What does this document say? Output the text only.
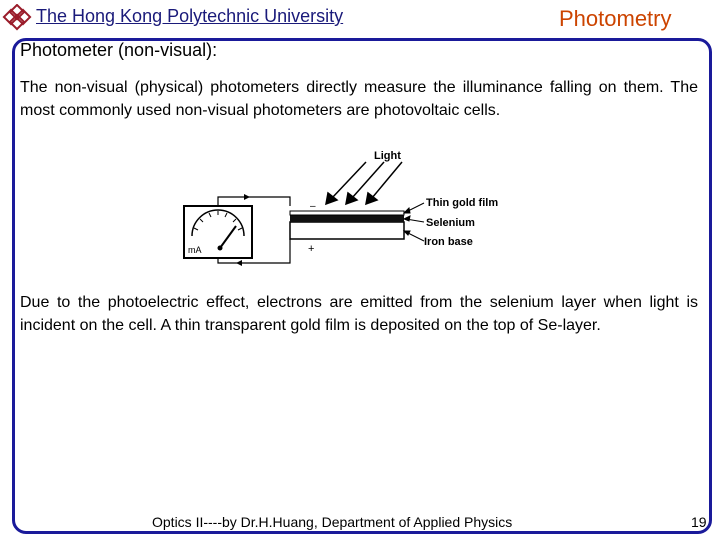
The Hong Kong Polytechnic University	Photometry
Photometer (non-visual):

The non-visual (physical) photometers directly measure the illuminance falling on them. The most commonly used non-visual photometers are photovoltaic cells.

mA
–
+
Light
Thin gold film
Selenium
Iron base

Due to the photoelectric effect, electrons are emitted from the selenium layer when light is incident on the cell. A thin transparent gold film is deposited on the top of Se-layer.

Optics II----by Dr.H.Huang, Department of Applied Physics	19
